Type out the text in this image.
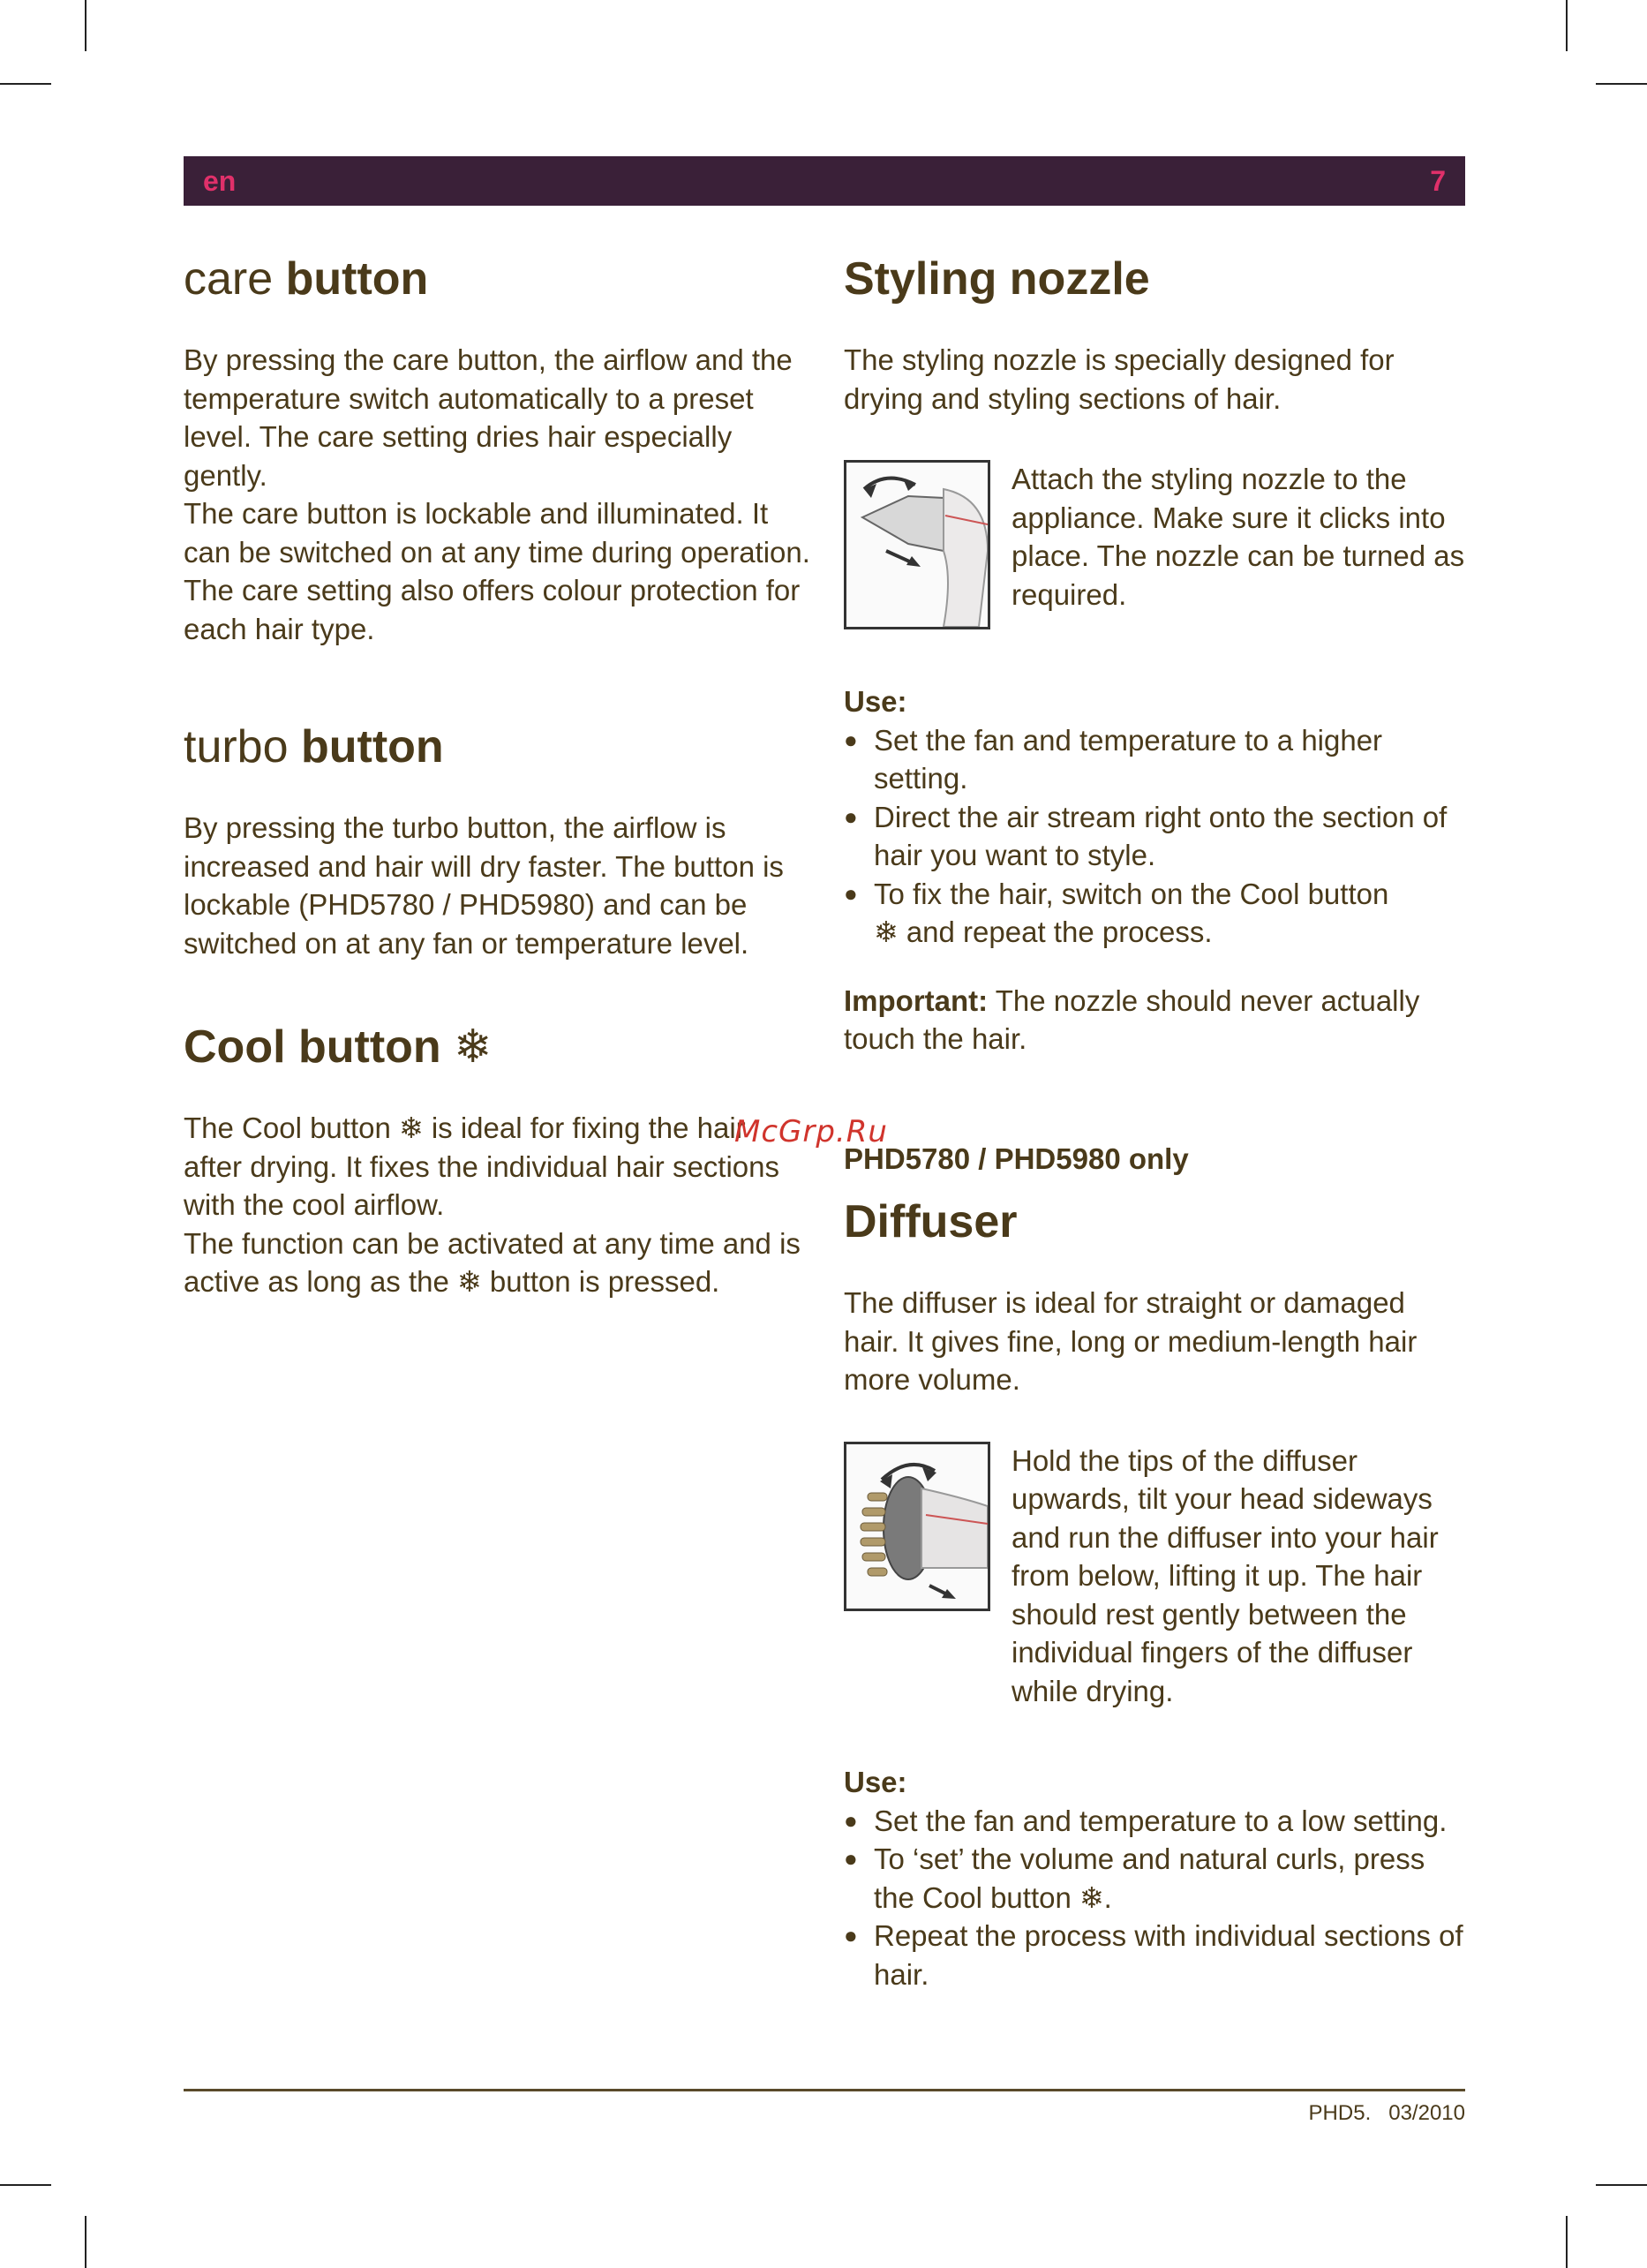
en	7
care button

By pressing the care button, the airflow and the temperature switch automatically to a preset level. The care setting dries hair especially gently.
The care button is lockable and illuminated. It can be switched on at any time during operation. The care setting also offers colour protection for each hair type.

turbo button

By pressing the turbo button, the airflow is increased and hair will dry faster. The button is lockable (PHD5780 / PHD5980) and can be switched on at any fan or temperature level.

Cool button ❄

The Cool button ❄ is ideal for fixing the hair after drying. It fixes the individual hair sections with the cool airflow.
The function can be activated at any time and is active as long as the ❄ button is pressed.

Styling nozzle

The styling nozzle is specially designed for drying and styling sections of hair.

Attach the styling nozzle to the appliance. Make sure it clicks into place. The nozzle can be turned as required.

Use:

● Set the fan and temperature to a higher setting.
● Direct the air stream right onto the section of hair you want to style.
● To fix the hair, switch on the Cool button
❄ and repeat the process.

Important: The nozzle should never actually touch the hair.

PHD5780 / PHD5980 only

Diffuser

The diffuser is ideal for straight or damaged hair. It gives fine, long or medium-length hair more volume.

Hold the tips of the diffuser upwards, tilt your head sideways and run the diffuser into your hair from below, lifting it up. The hair should rest gently between the individual fingers of the diffuser while drying.

Use:

● Set the fan and temperature to a low setting.
● To ‘set’ the volume and natural curls, press the Cool button ❄.
● Repeat the process with individual sections of hair.
McGrp.Ru
PHD5.   03/2010
